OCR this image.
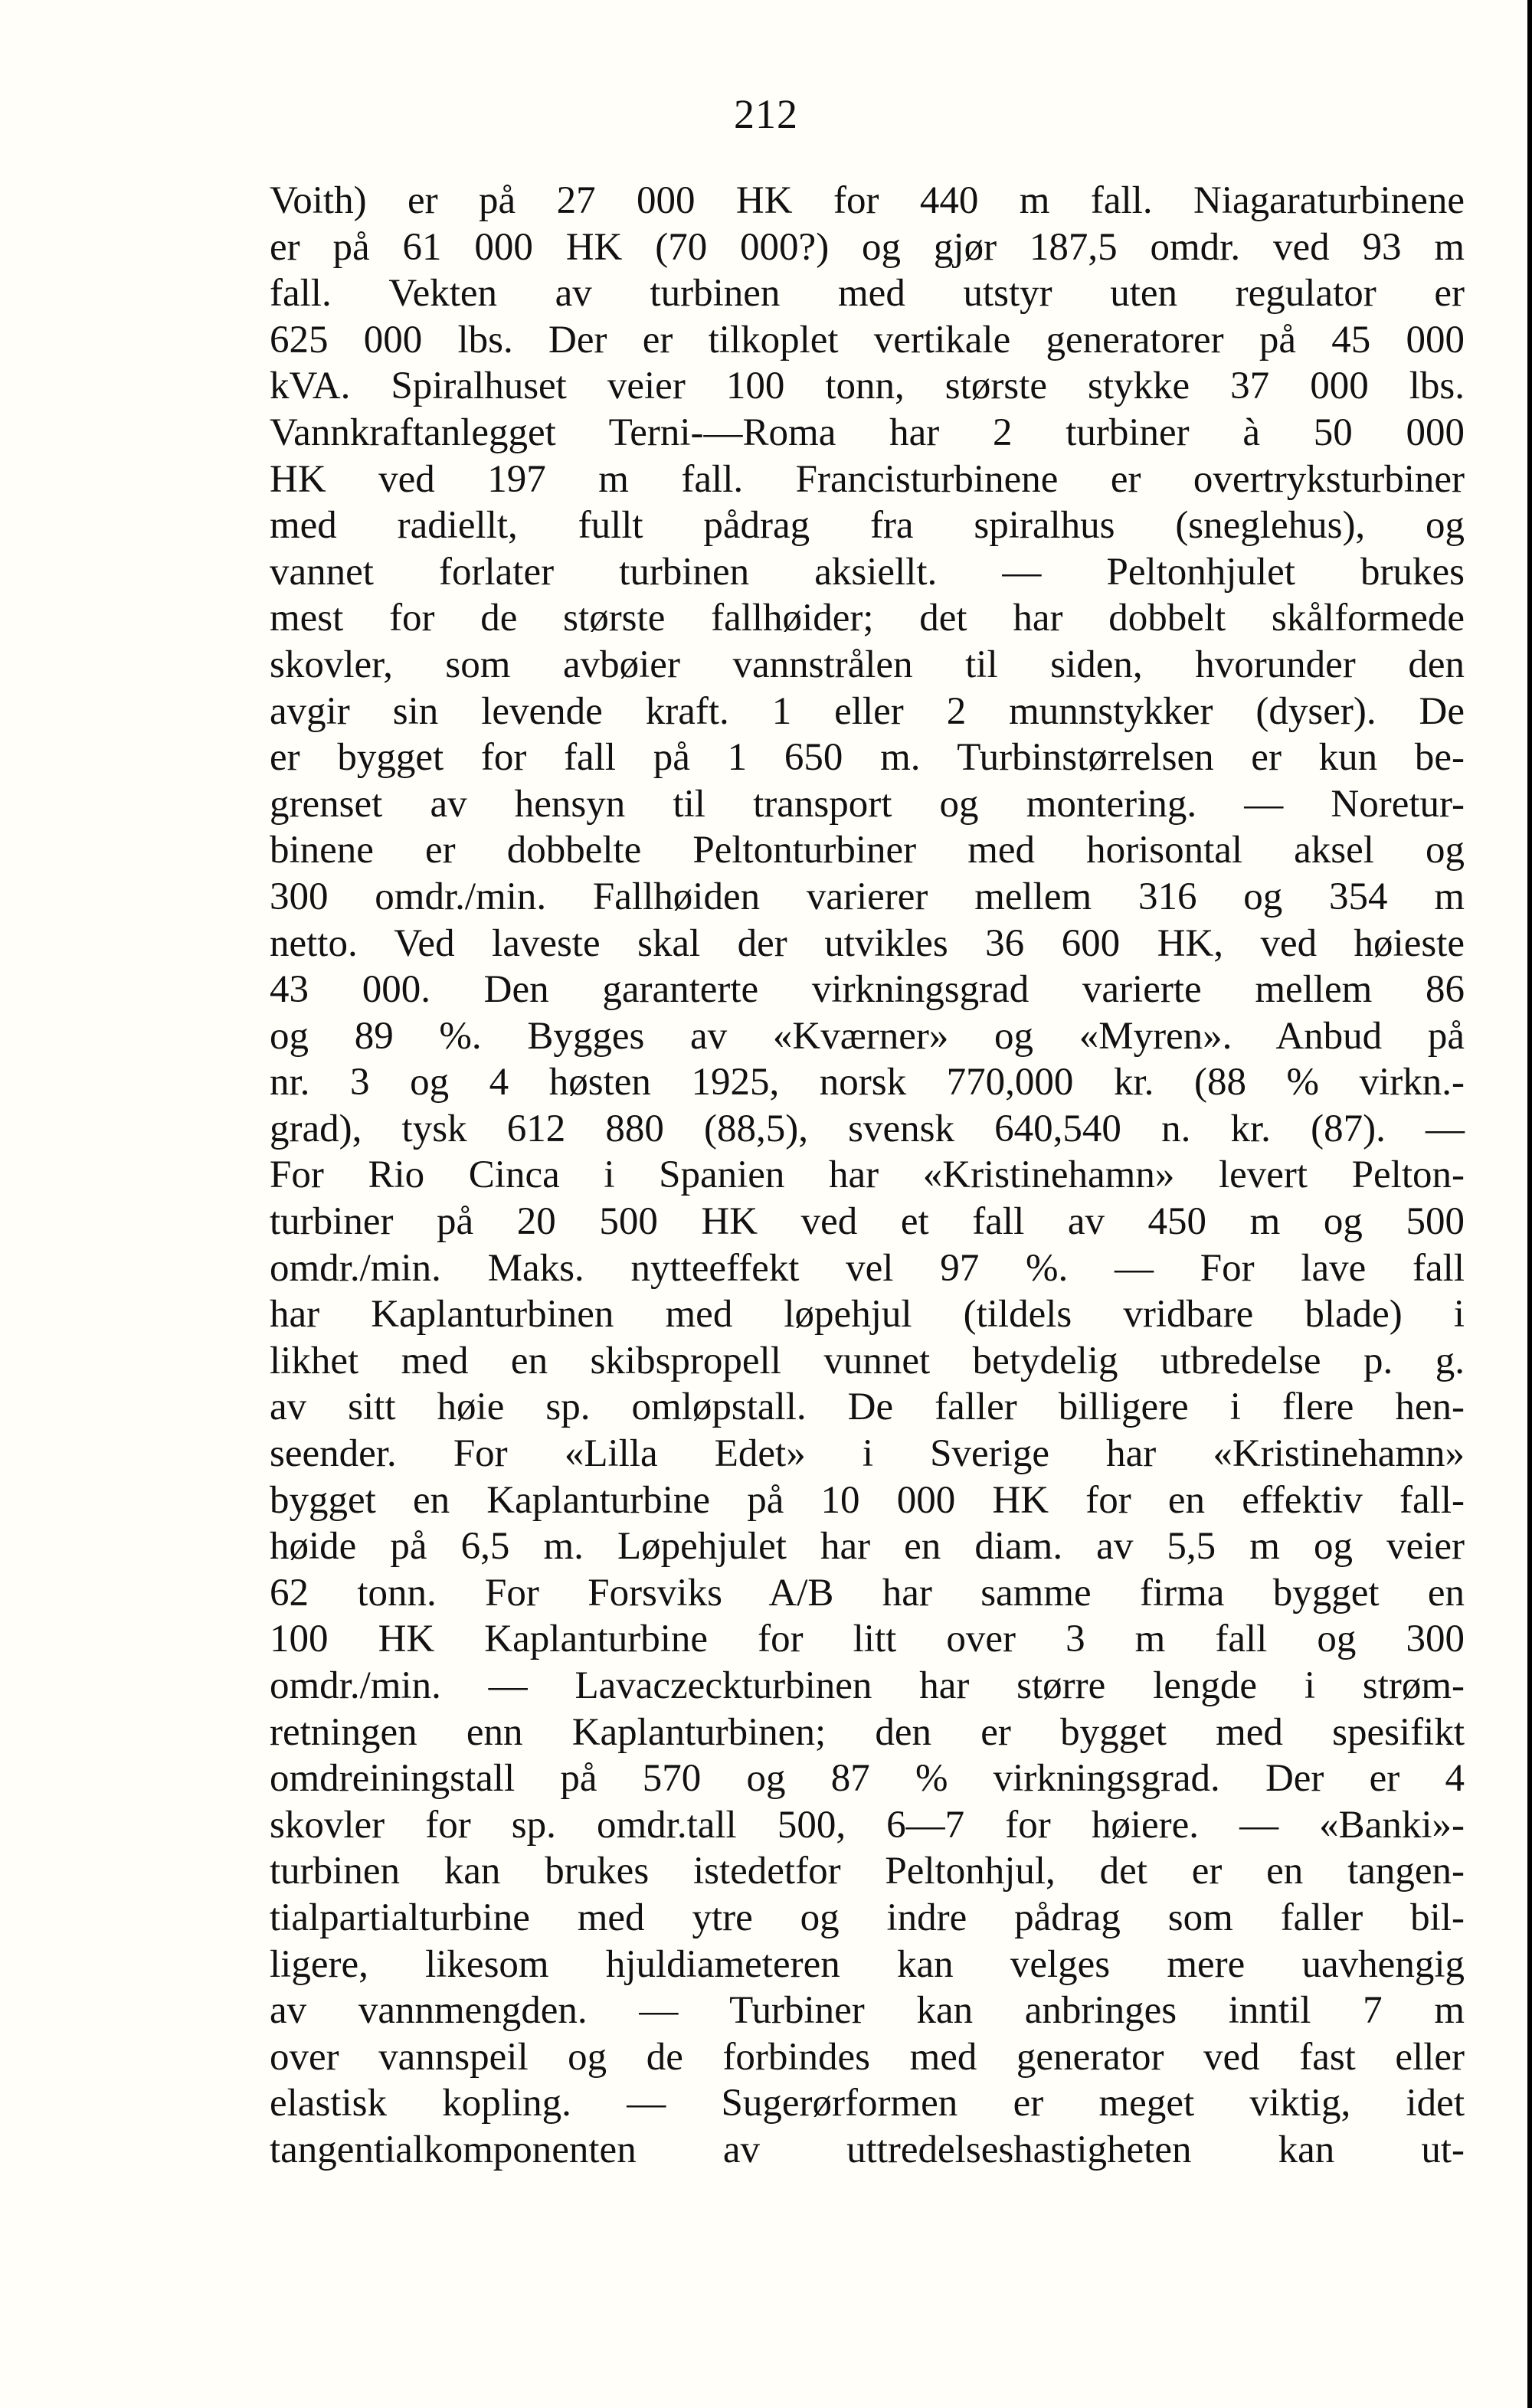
212
Voith) er på 27 000 HK for 440 m fall. Niagaraturbinene
er på 61 000 HK (70 000?) og gjør 187,5 omdr. ved 93 m
fall. Vekten av turbinen med utstyr uten regulator er
625 000 lbs. Der er tilkoplet vertikale generatorer på 45 000
kVA. Spiralhuset veier 100 tonn, største stykke 37 000 lbs.
Vannkraftanlegget Terni-—Roma har 2 turbiner à 50 000
HK ved 197 m fall. Francisturbinene er overtryksturbiner
med radiellt, fullt pådrag fra spiralhus (sneglehus), og
vannet forlater turbinen aksiellt. — Peltonhjulet brukes
mest for de største fallhøider; det har dobbelt skålformede
skovler, som avbøier vannstrålen til siden, hvorunder den
avgir sin levende kraft. 1 eller 2 munnstykker (dyser). De
er bygget for fall på 1 650 m. Turbinstørrelsen er kun be-
grenset av hensyn til transport og montering. — Noretur-
binene er dobbelte Peltonturbiner med horisontal aksel og
300 omdr./min. Fallhøiden varierer mellem 316 og 354 m
netto. Ved laveste skal der utvikles 36 600 HK, ved høieste
43 000. Den garanterte virkningsgrad varierte mellem 86
og 89 %. Bygges av «Kværner» og «Myren». Anbud på
nr. 3 og 4 høsten 1925, norsk 770,000 kr. (88 % virkn.-
grad), tysk 612 880 (88,5), svensk 640,540 n. kr. (87). —
For Rio Cinca i Spanien har «Kristinehamn» levert Pelton-
turbiner på 20 500 HK ved et fall av 450 m og 500
omdr./min. Maks. nytteeffekt vel 97 %. — For lave fall
har Kaplanturbinen med løpehjul (tildels vridbare blade) i
likhet med en skibspropell vunnet betydelig utbredelse p. g.
av sitt høie sp. omløpstall. De faller billigere i flere hen-
seender. For «Lilla Edet» i Sverige har «Kristinehamn»
bygget en Kaplanturbine på 10 000 HK for en effektiv fall-
høide på 6,5 m. Løpehjulet har en diam. av 5,5 m og veier
62 tonn. For Forsviks A/B har samme firma bygget en
100 HK Kaplanturbine for litt over 3 m fall og 300
omdr./min. — Lavaczeckturbinen har større lengde i strøm-
retningen enn Kaplanturbinen; den er bygget med spesifikt
omdreiningstall på 570 og 87 % virkningsgrad. Der er 4
skovler for sp. omdr.tall 500, 6—7 for høiere. — «Banki»-
turbinen kan brukes istedetfor Peltonhjul, det er en tangen-
tialpartialturbine med ytre og indre pådrag som faller bil-
ligere, likesom hjuldiameteren kan velges mere uavhengig
av vannmengden. — Turbiner kan anbringes inntil 7 m
over vannspeil og de forbindes med generator ved fast eller
elastisk kopling. — Sugerørformen er meget viktig, idet
tangentialkomponenten av uttredelseshastigheten kan ut-
